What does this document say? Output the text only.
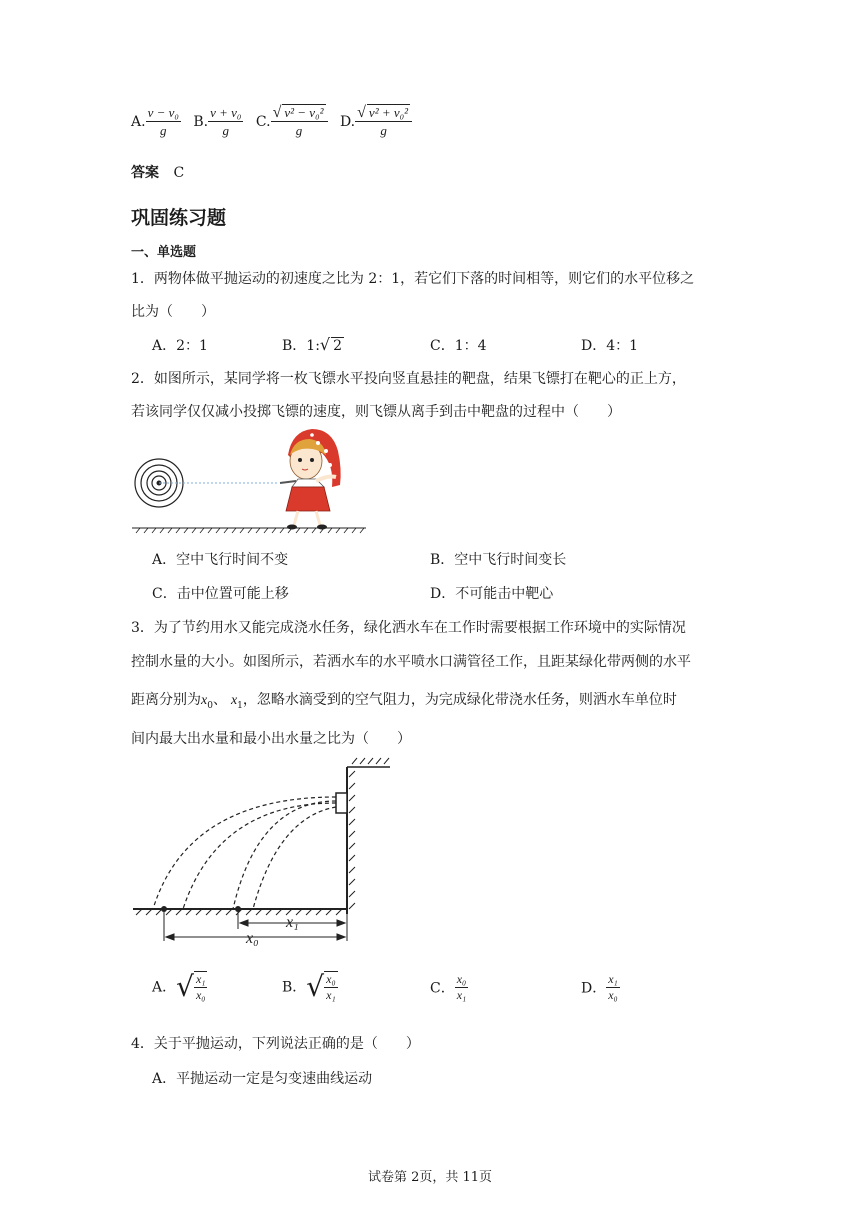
A. $\frac{\text{v − v₀}}{g} B$. $\frac{\text{v + v₀}}{g} C$. $\frac{\text{√ v² − v₀²}}{g} D$. $\frac{\text{√ v² + v₀²}}{g}$
答案 C
巩固练习题
一、单选题
1．两物体做平抛运动的初速度之比为 2：1，若它们下落的时间相等，则它们的水平位移之
比为（　　）
A．2：1	B．1:√ 2	C．1：4	D．4：1
2．如图所示，某同学将一枚飞镖水平投向竖直悬挂的靶盘，结果飞镖打在靶心的正上方，
若该同学仅仅减小投掷飞镖的速度，则飞镖从离手到击中靶盘的过程中（　　）
A．空中飞行时间不变	B．空中飞行时间变长
C．击中位置可能上移	D．不可能击中靶心
3．为了节约用水又能完成浇水任务，绿化洒水车在工作时需要根据工作环境中的实际情况
控制水量的大小。如图所示，若洒水车的水平喷水口满管径工作，且距某绿化带两侧的水平
距离分别为$x_0$、 $x_1$，忽略水滴受到的空气阻力，为完成绿化带浇水任务，则洒水车单位时
间内最大出水量和最小出水量之比为（　　）
x₁
x₀
A．√ $\frac{\text{x₁}}{\text{x₀}}$	B．√ $\frac{\text{x₀}}{\text{x₁}}$	C． $\frac{\text{x₀}}{\text{x₁}}$	D． $\frac{\text{x₁}}{\text{x₀}}$
4．关于平抛运动，下列说法正确的是（　　）
A．平抛运动一定是匀变速曲线运动
试卷第 2页，共 11页
